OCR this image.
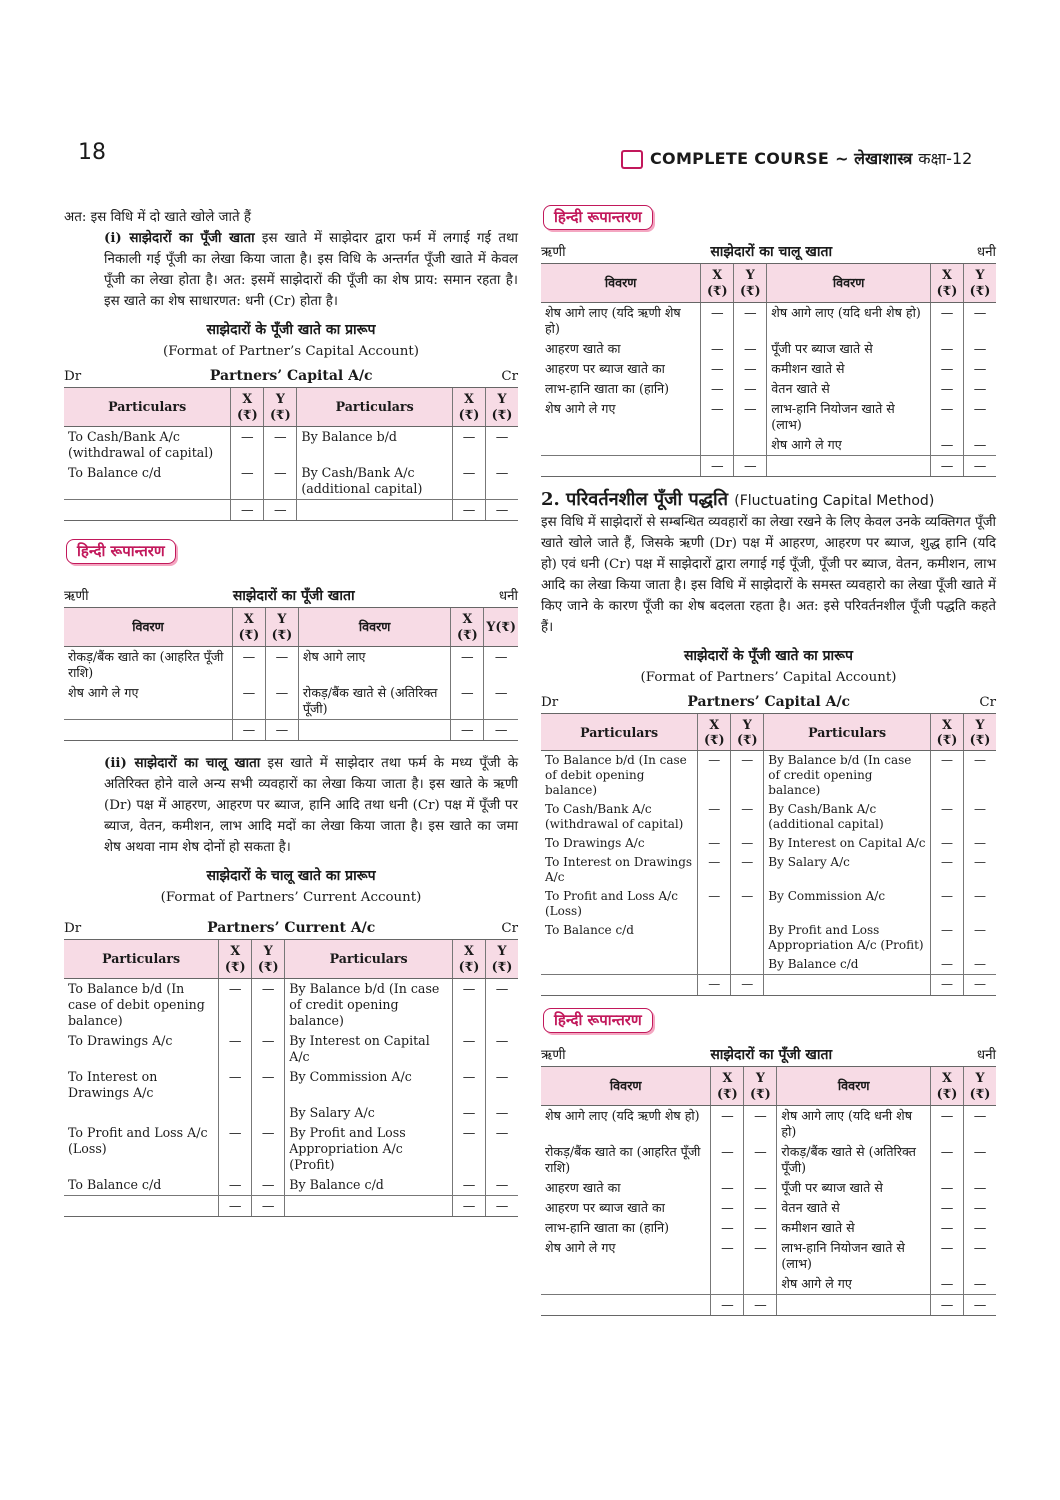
18	COMPLETE COURSE ~ लेखाशास्त्र कक्षा-12

अत: इस विधि में दो खाते खोले जाते हैं

(i) साझेदारों का पूँजी खाता इस खाते में साझेदार द्वारा फर्म में लगाई गई तथा निकाली गई पूँजी का लेखा किया जाता है। इस विधि के अन्तर्गत पूँजी खाते में केवल पूँजी का लेखा होता है। अत: इसमें साझेदारों की पूँजी का शेष प्राय: समान रहता है। इस खाते का शेष साधारणत: धनी (Cr) होता है।

साझेदारों के पूँजी खाते का प्रारूप
(Format of Partner’s Capital Account)
Dr	Partners’ Capital A/c	Cr
Particulars	X (₹)	Y (₹)	Particulars	X (₹)	Y (₹)
To Cash/Bank A/c (withdrawal of capital)	—	—	By Balance b/d	—	—
To Balance c/d	—	—	By Cash/Bank A/c (additional capital)	—	—
	—	—		—	—
हिन्दी रूपान्तरण
ऋणी	साझेदारों का पूँजी खाता	धनी
विवरण	X (₹)	Y (₹)	विवरण	X (₹)	Y(₹)
रोकड़/बैंक खाते का (आहरित पूँजी राशि)	—	—	शेष आगे लाए	—	—
शेष आगे ले गए	—	—	रोकड़/बैंक खाते से (अतिरिक्त पूँजी)	—	—
	—	—		—	—

(ii) साझेदारों का चालू खाता इस खाते में साझेदार तथा फर्म के मध्य पूँजी के अतिरिक्त होने वाले अन्य सभी व्यवहारों का लेखा किया जाता है। इस खाते के ऋणी (Dr) पक्ष में आहरण, आहरण पर ब्याज, हानि आदि तथा धनी (Cr) पक्ष में पूँजी पर ब्याज, वेतन, कमीशन, लाभ आदि मदों का लेखा किया जाता है। इस खाते का जमा शेष अथवा नाम शेष दोनों हो सकता है।

साझेदारों के चालू खाते का प्रारूप
(Format of Partners’ Current Account)
Dr	Partners’ Current A/c	Cr
Particulars	X (₹)	Y (₹)	Particulars	X (₹)	Y (₹)
To Balance b/d (In case of debit opening balance)	—	—	By Balance b/d (In case of credit opening balance)	—	—
To Drawings A/c	—	—	By Interest on Capital A/c	—	—
To Interest on Drawings A/c	—	—	By Commission A/c	—	—
			By Salary A/c	—	—
To Profit and Loss A/c (Loss)	—	—	By Profit and Loss Appropriation A/c (Profit)	—	—
To Balance c/d	—	—	By Balance c/d	—	—
	—	—		—	—
हिन्दी रूपान्तरण
ऋणी	साझेदारों का चालू खाता	धनी
विवरण	X (₹)	Y (₹)	विवरण	X (₹)	Y (₹)
शेष आगे लाए (यदि ऋणी शेष हो)	—	—	शेष आगे लाए (यदि धनी शेष हो)	—	—
आहरण खाते का	—	—	पूँजी पर ब्याज खाते से	—	—
आहरण पर ब्याज खाते का	—	—	कमीशन खाते से	—	—
लाभ-हानि खाता का (हानि)	—	—	वेतन खाते से	—	—
शेष आगे ले गए	—	—	लाभ-हानि नियोजन खाते से (लाभ)	—	—
			शेष आगे ले गए	—	—
	—	—		—	—
2. परिवर्तनशील पूँजी पद्धति (Fluctuating Capital Method)

इस विधि में साझेदारों से सम्बन्धित व्यवहारों का लेखा रखने के लिए केवल उनके व्यक्तिगत पूँजी खाते खोले जाते हैं, जिसके ऋणी (Dr) पक्ष में आहरण, आहरण पर ब्याज, शुद्ध हानि (यदि हो) एवं धनी (Cr) पक्ष में साझेदारों द्वारा लगाई गई पूँजी, पूँजी पर ब्याज, वेतन, कमीशन, लाभ आदि का लेखा किया जाता है। इस विधि में साझेदारों के समस्त व्यवहारो का लेखा पूँजी खाते में किए जाने के कारण पूँजी का शेष बदलता रहता है। अत: इसे परिवर्तनशील पूँजी पद्धति कहते हैं।

साझेदारों के पूँजी खाते का प्रारूप
(Format of Partners’ Capital Account)
Dr	Partners’ Capital A/c	Cr
Particulars	X (₹)	Y (₹)	Particulars	X (₹)	Y (₹)
To Balance b/d (In case of debit opening balance)	—	—	By Balance b/d (In case of credit opening balance)	—	—
To Cash/Bank A/c (withdrawal of capital)	—	—	By Cash/Bank A/c (additional capital)	—	—
To Drawings A/c	—	—	By Interest on Capital A/c	—	—
To Interest on Drawings A/c	—	—	By Salary A/c	—	—
To Profit and Loss A/c (Loss)	—	—	By Commission A/c	—	—
To Balance c/d			By Profit and Loss Appropriation A/c (Profit)	—	—
			By Balance c/d	—	—
	—	—		—	—
हिन्दी रूपान्तरण
ऋणी	साझेदारों का पूँजी खाता	धनी
विवरण	X (₹)	Y (₹)	विवरण	X (₹)	Y (₹)
शेष आगे लाए (यदि ऋणी शेष हो)	—	—	शेष आगे लाए (यदि धनी शेष हो)	—	—
रोकड़/बैंक खाते का (आहरित पूँजी राशि)	—	—	रोकड़/बैंक खाते से (अतिरिक्त पूँजी)	—	—
आहरण खाते का	—	—	पूँजी पर ब्याज खाते से	—	—
आहरण पर ब्याज खाते का	—	—	वेतन खाते से	—	—
लाभ-हानि खाता का (हानि)	—	—	कमीशन खाते से	—	—
शेष आगे ले गए	—	—	लाभ-हानि नियोजन खाते से (लाभ)	—	—
			शेष आगे ले गए	—	—
	—	—		—	—
